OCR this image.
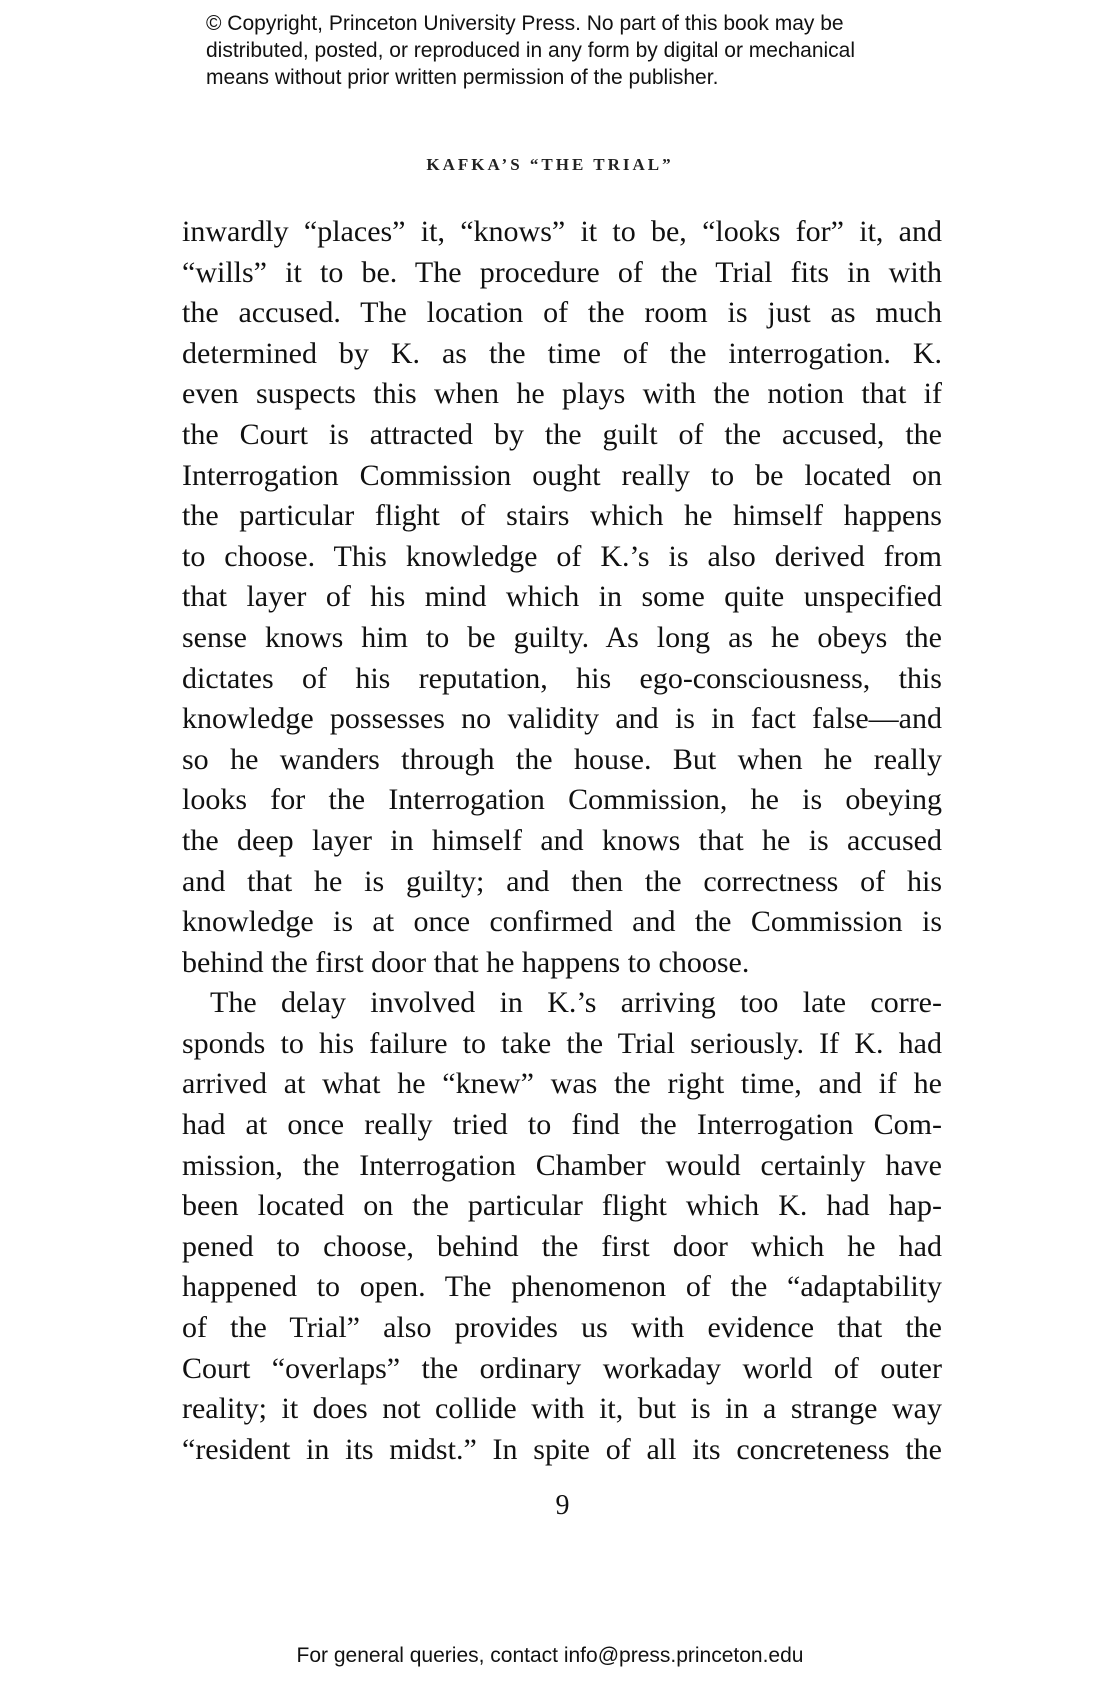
© Copyright, Princeton University Press. No part of this book may be
distributed, posted, or reproduced in any form by digital or mechanical
means without prior written permission of the publisher.
KAFKA’S “THE TRIAL”
inwardly “places” it, “knows” it to be, “looks for” it, and
“wills” it to be. The procedure of the Trial fits in with
the accused. The location of the room is just as much
determined by K. as the time of the interrogation. K.
even suspects this when he plays with the notion that if
the Court is attracted by the guilt of the accused, the
Interrogation Commission ought really to be located on
the particular flight of stairs which he himself happens
to choose. This knowledge of K.’s is also derived from
that layer of his mind which in some quite unspecified
sense knows him to be guilty. As long as he obeys the
dictates of his reputation, his ego-consciousness, this
knowledge possesses no validity and is in fact false—and
so he wanders through the house. But when he really
looks for the Interrogation Commission, he is obeying
the deep layer in himself and knows that he is accused
and that he is guilty; and then the correctness of his
knowledge is at once confirmed and the Commission is
behind the first door that he happens to choose.
The delay involved in K.’s arriving too late corre-
sponds to his failure to take the Trial seriously. If K. had
arrived at what he “knew” was the right time, and if he
had at once really tried to find the Interrogation Com-
mission, the Interrogation Chamber would certainly have
been located on the particular flight which K. had hap-
pened to choose, behind the first door which he had
happened to open. The phenomenon of the “adaptability
of the Trial” also provides us with evidence that the
Court “overlaps” the ordinary workaday world of outer
reality; it does not collide with it, but is in a strange way
“resident in its midst.” In spite of all its concreteness the
9
For general queries, contact info@press.princeton.edu
